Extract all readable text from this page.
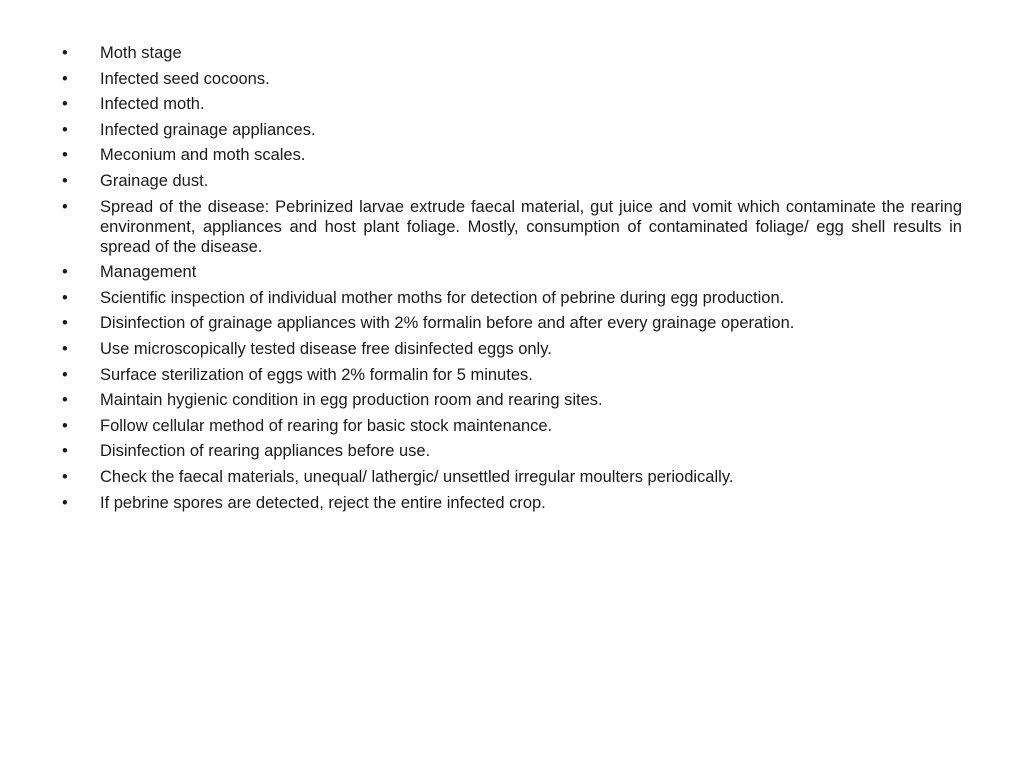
•	Moth stage
•	Infected seed cocoons.
•	Infected moth.
•	Infected grainage appliances.
•	Meconium and moth scales.
•	Grainage dust.
•	Spread of the disease: Pebrinized larvae extrude faecal material, gut juice and vomit which contaminate the rearing environment, appliances and host plant foliage. Mostly, consumption of contaminated foliage/ egg shell results in spread of the disease.
•	Management
•	Scientific inspection of individual mother moths for detection of pebrine during egg production.
•	Disinfection of grainage appliances with 2% formalin before and after every grainage operation.
•	Use microscopically tested disease free disinfected eggs only.
•	Surface sterilization of eggs with 2% formalin for 5 minutes.
•	Maintain hygienic condition in egg production room and rearing sites.
•	Follow cellular method of rearing for basic stock maintenance.
•	Disinfection of rearing appliances before use.
•	Check the faecal materials, unequal/ lathergic/ unsettled irregular moulters periodically.
•	If pebrine spores are detected, reject the entire infected crop.
